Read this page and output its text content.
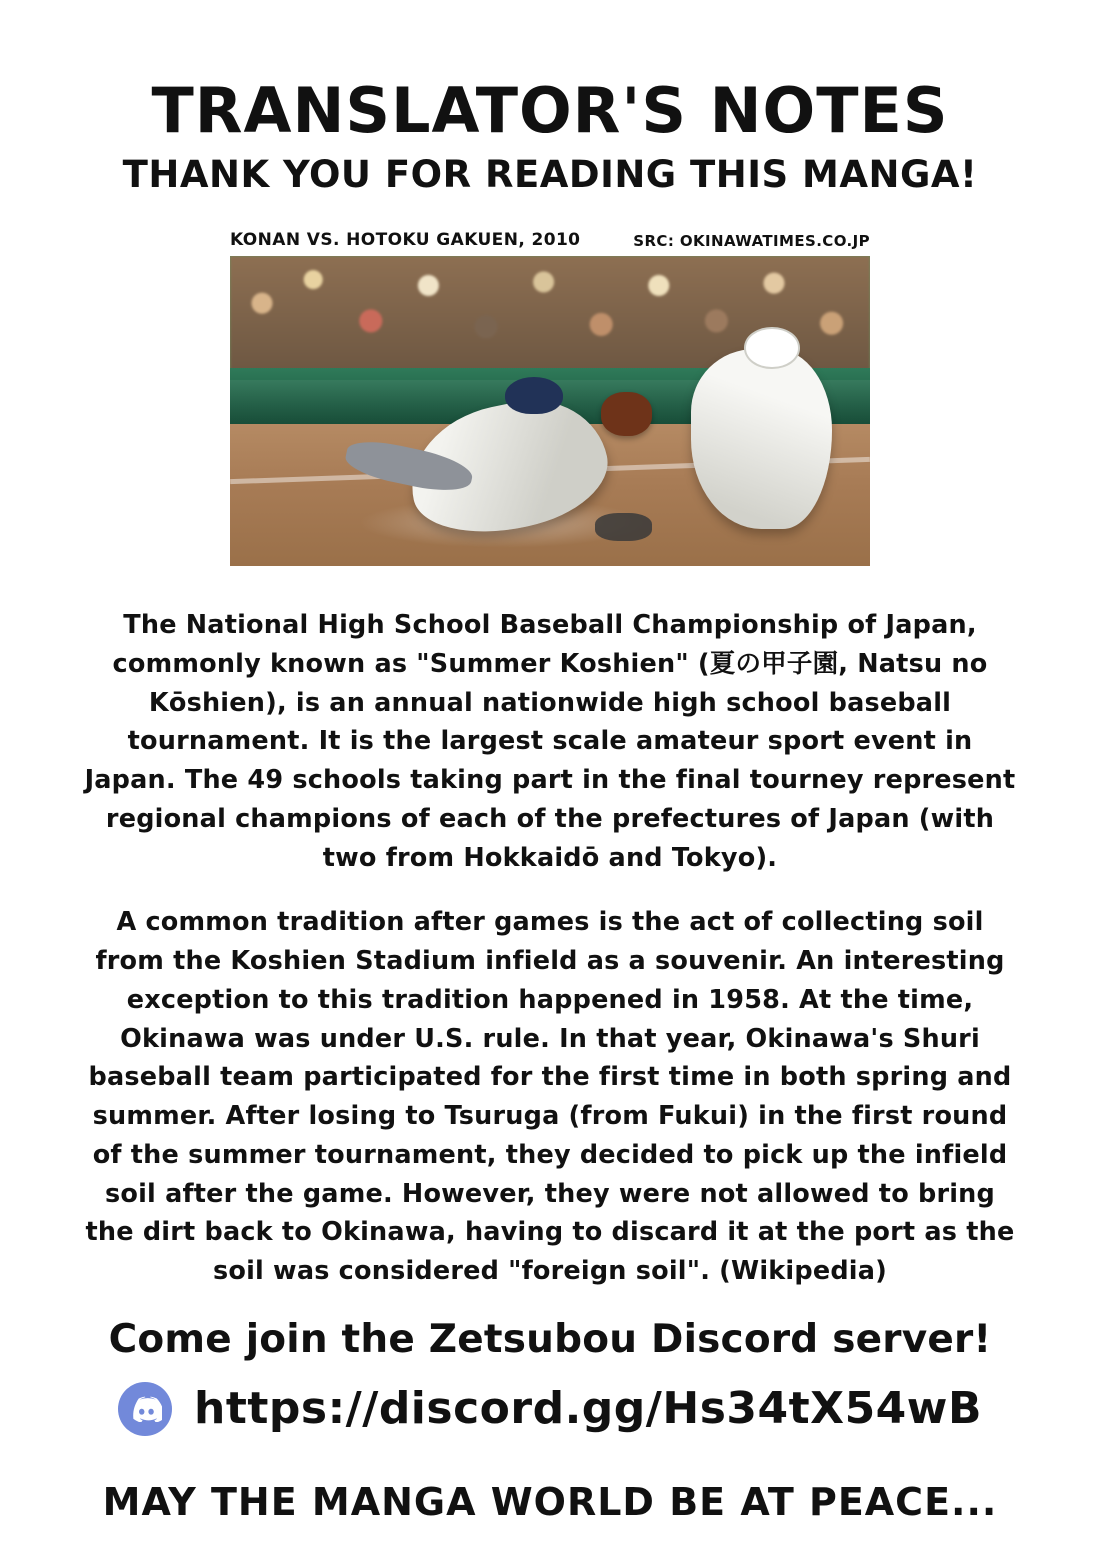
TRANSLATOR'S NOTES
THANK YOU FOR READING THIS MANGA!
KONAN VS. HOTOKU GAKUEN, 2010	SRC: OKINAWATIMES.CO.JP

The National High School Baseball Championship of Japan, commonly known as "Summer Koshien" (夏の甲子園, Natsu no Kōshien), is an annual nationwide high school baseball tournament. It is the largest scale amateur sport event in Japan. The 49 schools taking part in the final tourney represent regional champions of each of the prefectures of Japan (with two from Hokkaidō and Tokyo).

A common tradition after games is the act of collecting soil from the Koshien Stadium infield as a souvenir. An interesting exception to this tradition happened in 1958. At the time, Okinawa was under U.S. rule. In that year, Okinawa's Shuri baseball team participated for the first time in both spring and summer. After losing to Tsuruga (from Fukui) in the first round of the summer tournament, they decided to pick up the infield soil after the game. However, they were not allowed to bring the dirt back to Okinawa, having to discard it at the port as the soil was considered "foreign soil". (Wikipedia)

Come join the Zetsubou Discord server!
https://discord.gg/Hs34tX54wB
MAY THE MANGA WORLD BE AT PEACE...
